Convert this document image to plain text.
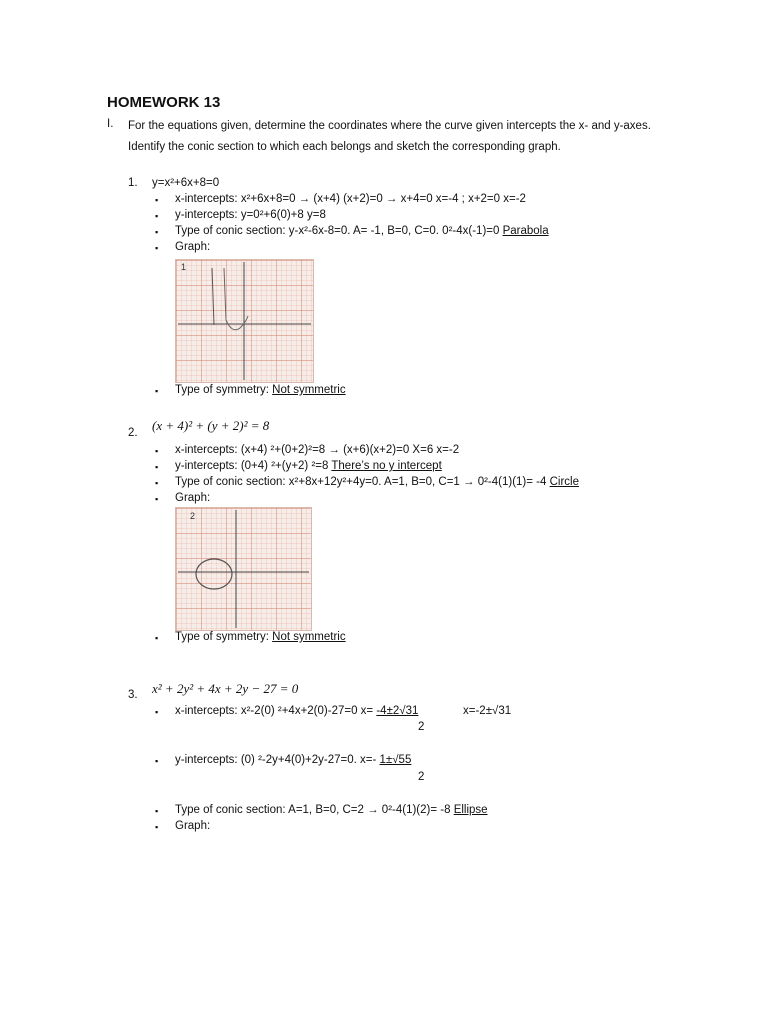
HOMEWORK 13
I. For the equations given, determine the coordinates where the curve given intercepts the x- and y-axes. Identify the conic section to which each belongs and sketch the corresponding graph.
1. y=x²+6x+8=0
▪ x-intercepts: x²+6x+8=0 → (x+4) (x+2)=0 → x+4=0 x=-4 ; x+2=0 x=-2
▪ y-intercepts: y=0²+6(0)+8 y=8
▪ Type of conic section: y-x²-6x-8=0. A= -1, B=0, C=0. 0²-4x(-1)=0 Parabola
▪ Graph:
1
▪ Type of symmetry: Not symmetric
(x + 4)² + (y + 2)² = 8
2.
▪ x-intercepts: (x+4) ²+(0+2)²=8 → (x+6)(x+2)=0 X=6 x=-2
▪ y-intercepts: (0+4) ²+(y+2) ²=8 There’s no y intercept
▪ Type of conic section: x²+8x+12y²+4y=0. A=1, B=0, C=1 → 0²-4(1)(1)= -4 Circle
▪ Graph:
2
▪ Type of symmetry: Not symmetric
x² + 2y² + 4x + 2y − 27 = 0
3.
▪ x-intercepts: x²-2(0) ²+4x+2(0)-27=0 x= -4±2√31	x=-2±√31
2
▪ y-intercepts: (0) ²-2y+4(0)+2y-27=0. x=- 1±√55
2
▪ Type of conic section: A=1, B=0, C=2 → 0²-4(1)(2)= -8 Ellipse
▪ Graph:
